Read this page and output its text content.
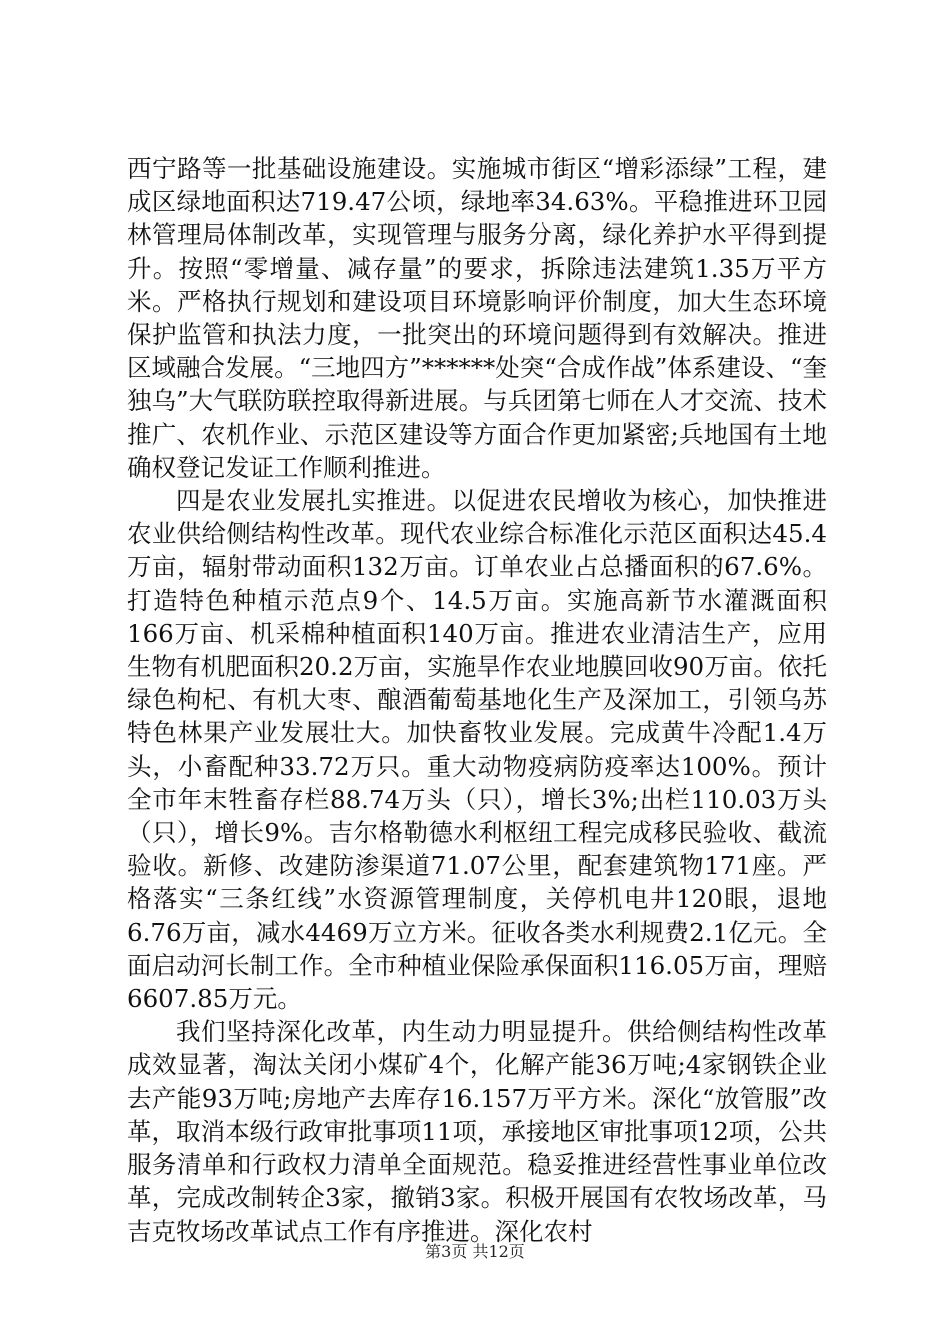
西宁路等一批基础设施建设。实施城市街区“增彩添绿”工程，建成区绿地面积达719.47公顷，绿地率34.63%。平稳推进环卫园林管理局体制改革，实现管理与服务分离，绿化养护水平得到提升。按照“零增量、减存量”的要求，拆除违法建筑1.35万平方米。严格执行规划和建设项目环境影响评价制度，加大生态环境保护监管和执法力度，一批突出的环境问题得到有效解决。推进区域融合发展。“三地四方”******处突“合成作战”体系建设、“奎独乌”大气联防联控取得新进展。与兵团第七师在人才交流、技术推广、农机作业、示范区建设等方面合作更加紧密;兵地国有土地确权登记发证工作顺利推进。

四是农业发展扎实推进。以促进农民增收为核心，加快推进农业供给侧结构性改革。现代农业综合标准化示范区面积达45.4万亩，辐射带动面积132万亩。订单农业占总播面积的67.6%。打造特色种植示范点9个、14.5万亩。实施高新节水灌溉面积166万亩、机采棉种植面积140万亩。推进农业清洁生产，应用生物有机肥面积20.2万亩，实施旱作农业地膜回收90万亩。依托绿色枸杞、有机大枣、酿酒葡萄基地化生产及深加工，引领乌苏特色林果产业发展壮大。加快畜牧业发展。完成黄牛冷配1.4万头，小畜配种33.72万只。重大动物疫病防疫率达100%。预计全市年末牲畜存栏88.74万头（只），增长3%;出栏110.03万头（只），增长9%。吉尔格勒德水利枢纽工程完成移民验收、截流验收。新修、改建防渗渠道71.07公里，配套建筑物171座。严格落实“三条红线”水资源管理制度，关停机电井120眼，退地6.76万亩，减水4469万立方米。征收各类水利规费2.1亿元。全面启动河长制工作。全市种植业保险承保面积116.05万亩，理赔6607.85万元。

我们坚持深化改革，内生动力明显提升。供给侧结构性改革成效显著，淘汰关闭小煤矿4个，化解产能36万吨;4家钢铁企业去产能93万吨;房地产去库存16.157万平方米。深化“放管服”改革，取消本级行政审批事项11项，承接地区审批事项12项，公共服务清单和行政权力清单全面规范。稳妥推进经营性事业单位改革，完成改制转企3家，撤销3家。积极开展国有农牧场改革，马吉克牧场改革试点工作有序推进。深化农村

第3页 共12页
